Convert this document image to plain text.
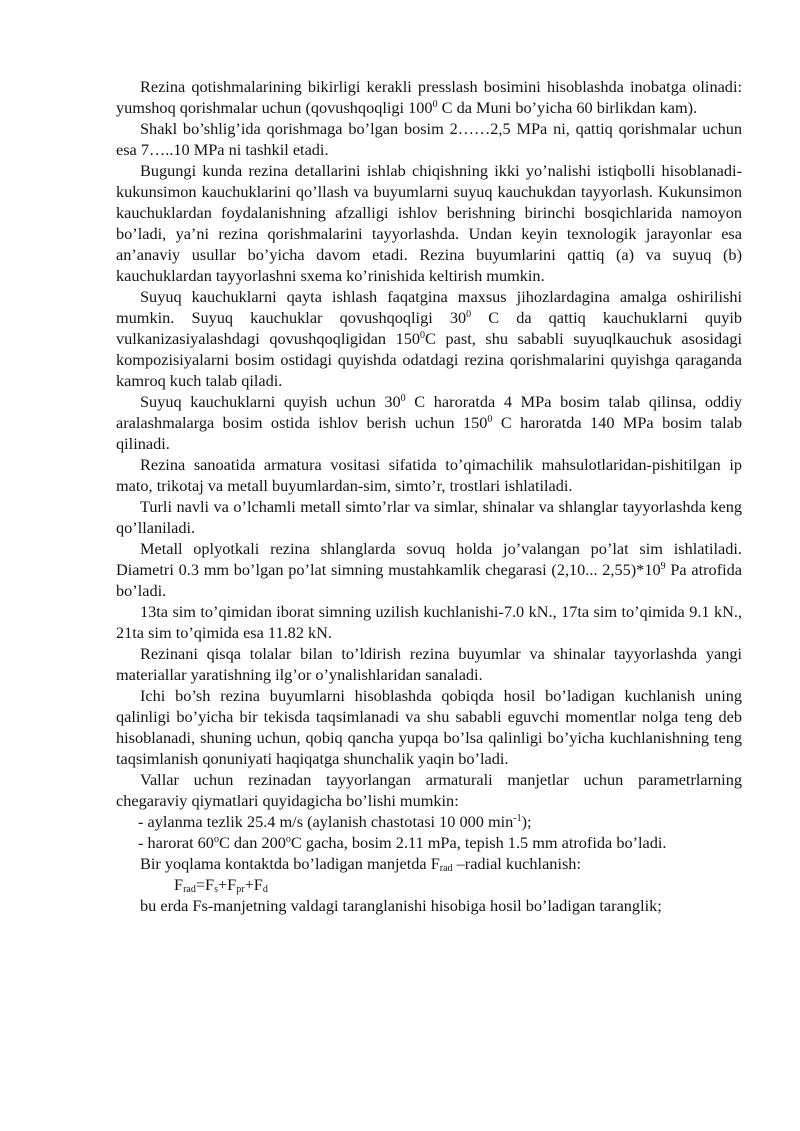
Rezina qotishmalarining bikirligi kerakli presslash bosimini hisoblashda inobatga olinadi: yumshoq qorishmalar uchun (qovushqoqligi $100^0$ C da Muni bo’yicha 60 birlikdan kam).

Shakl bo’shlig’ida qorishmaga bo’lgan bosim 2……2,5 MPa ni, qattiq qorishmalar uchun esa 7…..10 MPa ni tashkil etadi.

Bugungi kunda rezina detallarini ishlab chiqishning ikki yo’nalishi istiqbolli hisoblanadi-kukunsimon kauchuklarini qo’llash va buyumlarni suyuq kauchukdan tayyorlash. Kukunsimon kauchuklardan foydalanishning afzalligi ishlov berishning birinchi bosqichlarida namoyon bo’ladi, ya’ni rezina qorishmalarini tayyorlashda. Undan keyin texnologik jarayonlar esa an’anaviy usullar bo’yicha davom etadi. Rezina buyumlarini qattiq (a) va suyuq (b) kauchuklardan tayyorlashni sxema ko’rinishida keltirish mumkin.

Suyuq kauchuklarni qayta ishlash faqatgina maxsus jihozlardagina amalga oshirilishi mumkin. Suyuq kauchuklar qovushqoqligi $30^0$ C da qattiq kauchuklarni quyib vulkanizasiyalashdagi qovushqoqligidan $150^0C$ past, shu sababli suyuqlkauchuk asosidagi kompozisiyalarni bosim ostidagi quyishda odatdagi rezina qorishmalarini quyishga qaraganda kamroq kuch talab qiladi.

Suyuq kauchuklarni quyish uchun $30^0$ C haroratda 4 MPa bosim talab qilinsa, oddiy aralashmalarga bosim ostida ishlov berish uchun $150^0$ C haroratda 140 MPa bosim talab qilinadi.

Rezina sanoatida armatura vositasi sifatida to’qimachilik mahsulotlaridan-pishitilgan ip mato, trikotaj va metall buyumlardan-sim, simto’r, trostlari ishlatiladi.

Turli navli va o’lchamli metall simto’rlar va simlar, shinalar va shlanglar tayyorlashda keng qo’llaniladi.

Metall oplyotkali rezina shlanglarda sovuq holda jo’valangan po’lat sim ishlatiladi. Diametri 0.3 mm bo’lgan po’lat simning mustahkamlik chegarasi (2,10... $2,55)*10^9$ Pa atrofida bo’ladi.

13ta sim to’qimidan iborat simning uzilish kuchlanishi-7.0 kN., 17ta sim to’qimida 9.1 kN., 21ta sim to’qimida esa 11.82 kN.

Rezinani qisqa tolalar bilan to’ldirish rezina buyumlar va shinalar tayyorlashda yangi materiallar yaratishning ilg’or o’ynalishlaridan sanaladi.

Ichi bo’sh rezina buyumlarni hisoblashda qobiqda hosil bo’ladigan kuchlanish uning qalinligi bo’yicha bir tekisda taqsimlanadi va shu sababli eguvchi momentlar nolga teng deb hisoblanadi, shuning uchun, qobiq qancha yupqa bo’lsa qalinligi bo’yicha kuchlanishning teng taqsimlanish qonuniyati haqiqatga shunchalik yaqin bo’ladi.

Vallar uchun rezinadan tayyorlangan armaturali manjetlar uchun parametrlarning chegaraviy qiymatlari quyidagicha bo’lishi mumkin:

- aylanma tezlik 25.4 m/s (aylanish chastotasi 10 000 $\min^{-1}$);

- harorat 60$^o$C dan 200$^o$C gacha, bosim 2.11 mPa, tepish 1.5 mm atrofida bo’ladi.

Bir yoqlama kontaktda bo’ladigan manjetda $F_{rad}$ –radial kuchlanish:

$F_{rad}=F_s+F_{pr}+F_d$

bu erda Fs-manjetning valdagi taranglanishi hisobiga hosil bo’ladigan taranglik;
